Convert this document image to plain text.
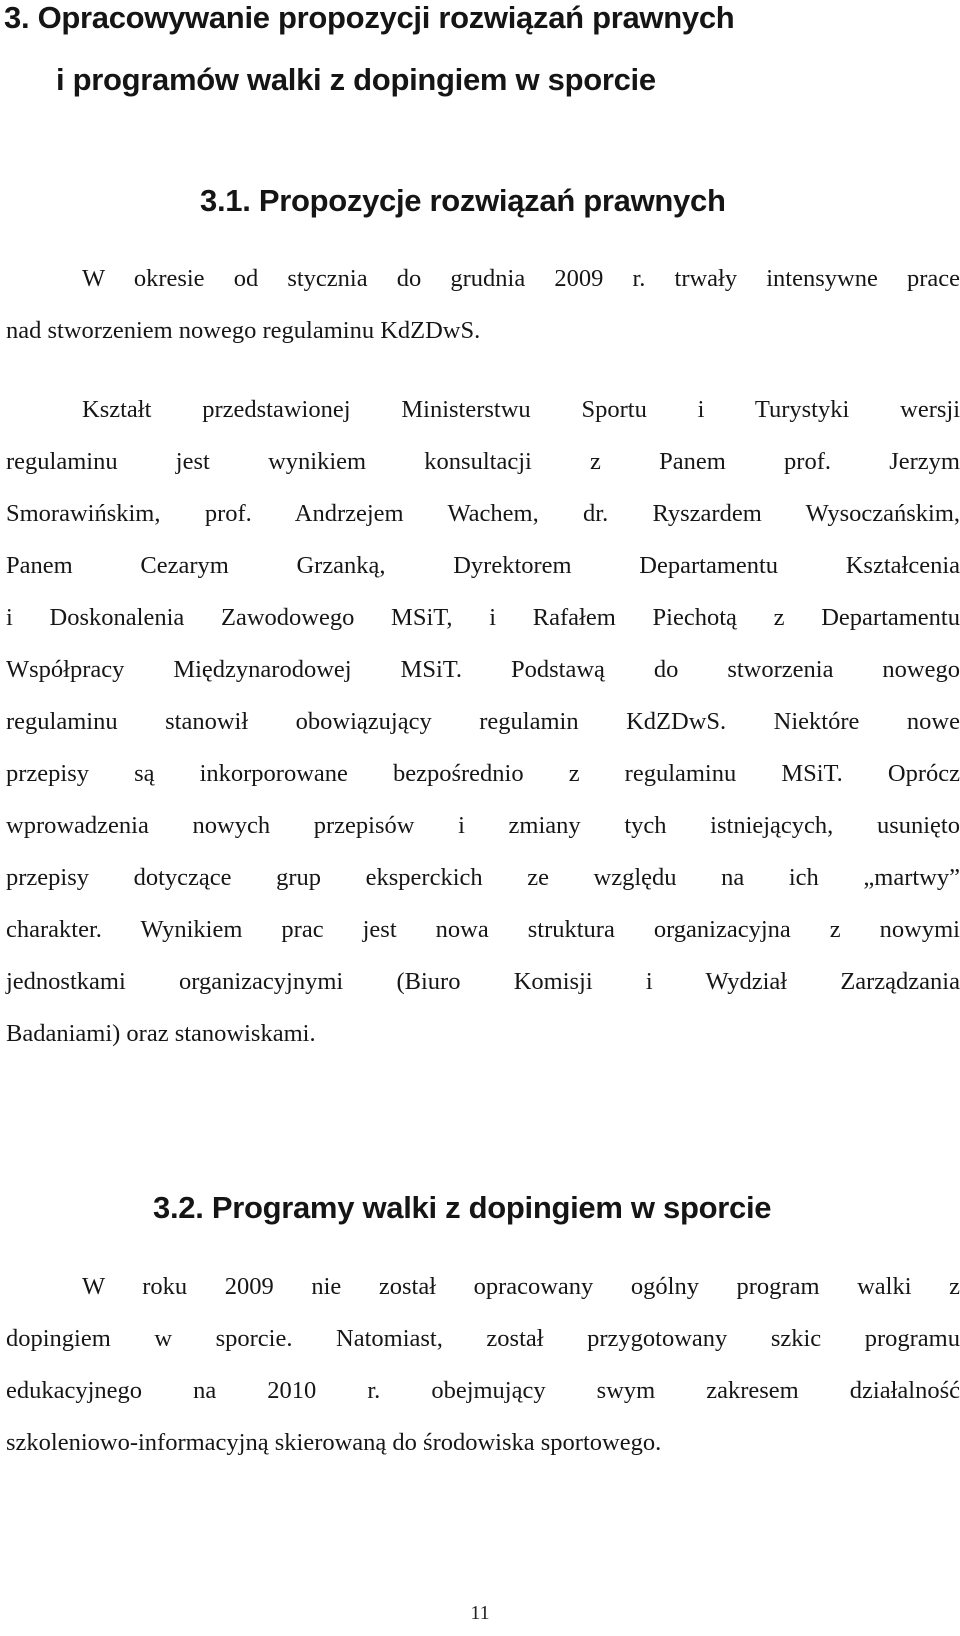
3. Opracowywanie propozycji rozwiązań prawnych
i programów walki z dopingiem w sporcie
3.1. Propozycje rozwiązań prawnych
W okresie od stycznia do grudnia 2009 r. trwały intensywne prace
nad stworzeniem nowego regulaminu KdZDwS.
Kształt przedstawionej Ministerstwu Sportu i Turystyki wersji
regulaminu jest wynikiem konsultacji z Panem prof. Jerzym
Smorawińskim, prof. Andrzejem Wachem, dr. Ryszardem Wysoczańskim,
Panem Cezarym Grzanką, Dyrektorem Departamentu Kształcenia
i Doskonalenia Zawodowego MSiT, i Rafałem Piechotą z Departamentu
Współpracy Międzynarodowej MSiT. Podstawą do stworzenia nowego
regulaminu stanowił obowiązujący regulamin KdZDwS. Niektóre nowe
przepisy są inkorporowane bezpośrednio z regulaminu MSiT. Oprócz
wprowadzenia nowych przepisów i zmiany tych istniejących, usunięto
przepisy dotyczące grup eksperckich ze względu na ich „martwy”
charakter. Wynikiem prac jest nowa struktura organizacyjna z nowymi
jednostkami organizacyjnymi (Biuro Komisji i Wydział Zarządzania
Badaniami) oraz stanowiskami.
3.2. Programy walki z dopingiem w sporcie
W roku 2009 nie został opracowany ogólny program walki z
dopingiem w sporcie. Natomiast, został przygotowany szkic programu
edukacyjnego na 2010 r. obejmujący swym zakresem działalność
szkoleniowo-informacyjną skierowaną do środowiska sportowego.
11
